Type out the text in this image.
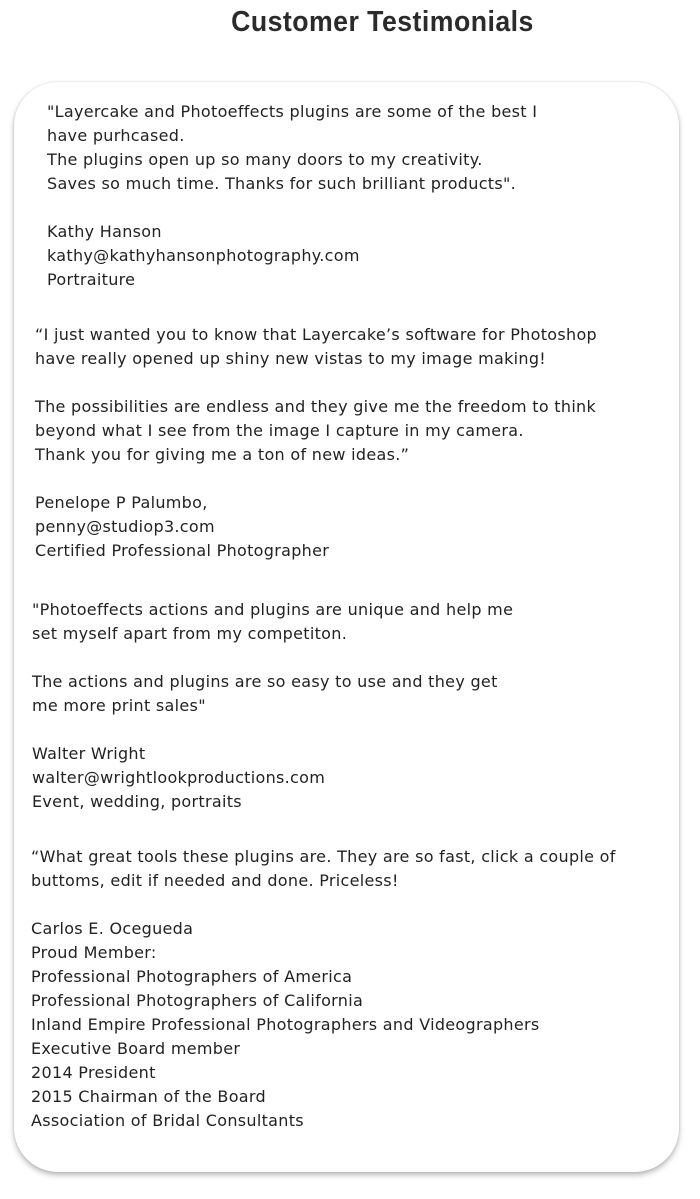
Customer Testimonials
"Layercake and Photoeffects plugins are some of the best I
have purhcased.
The plugins open up so many doors to my creativity.
Saves so much time. Thanks for such brilliant products".
Kathy Hanson
kathy@kathyhansonphotography.com
Portraiture
“I just wanted you to know that Layercake’s software for Photoshop
have really opened up shiny new vistas to my image making!
The possibilities are endless and they give me the freedom to think
beyond what I see from the image I capture in my camera.
Thank you for giving me a ton of new ideas.”
Penelope P Palumbo,
penny@studiop3.com
Certified Professional Photographer
"Photoeffects actions and plugins are unique and help me
set myself apart from my competiton.
The actions and plugins are so easy to use and they get
me more print sales"
Walter Wright
walter@wrightlookproductions.com
Event, wedding, portraits
“What great tools these plugins are. They are so fast, click a couple of
buttoms, edit if needed and done. Priceless!
Carlos E. Ocegueda
Proud Member:
Professional Photographers of America
Professional Photographers of California
Inland Empire Professional Photographers and Videographers
Executive Board member
2014 President
2015 Chairman of the Board
Association of Bridal Consultants
